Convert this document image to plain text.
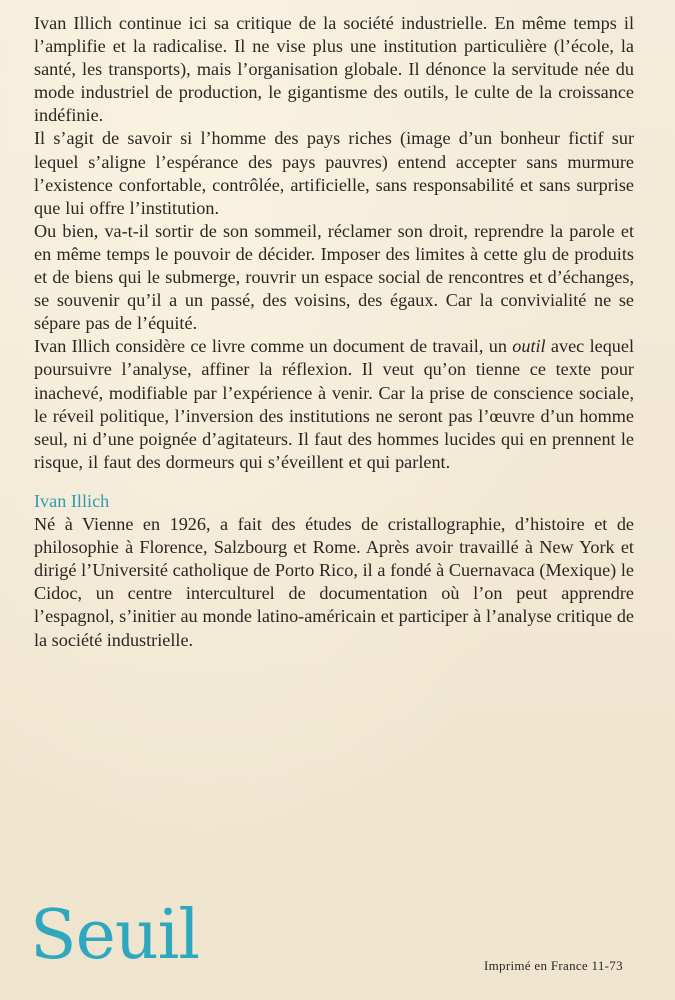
Ivan Illich continue ici sa critique de la société industrielle. En même temps il l’amplifie et la radicalise. Il ne vise plus une institution particulière (l’école, la santé, les transports), mais l’organisation globale. Il dénonce la servitude née du mode industriel de production, le gigantisme des outils, le culte de la croissance indéfinie.

Il s’agit de savoir si l’homme des pays riches (image d’un bonheur fictif sur lequel s’aligne l’espérance des pays pauvres) entend accepter sans murmure l’existence confortable, contrôlée, artificielle, sans responsabilité et sans surprise que lui offre l’institution.

Ou bien, va-t-il sortir de son sommeil, réclamer son droit, reprendre la parole et en même temps le pouvoir de décider. Imposer des limites à cette glu de produits et de biens qui le submerge, rouvrir un espace social de rencontres et d’échanges, se souvenir qu’il a un passé, des voisins, des égaux. Car la convivialité ne se sépare pas de l’équité.

Ivan Illich considère ce livre comme un document de travail, un outil avec lequel poursuivre l’analyse, affiner la réflexion. Il veut qu’on tienne ce texte pour inachevé, modifiable par l’expérience à venir. Car la prise de conscience sociale, le réveil politique, l’inversion des institutions ne seront pas l’œuvre d’un homme seul, ni d’une poignée d’agitateurs. Il faut des hommes lucides qui en prennent le risque, il faut des dormeurs qui s’éveillent et qui parlent.

Ivan Illich

Né à Vienne en 1926, a fait des études de cristallographie, d’histoire et de philosophie à Florence, Salzbourg et Rome. Après avoir travaillé à New York et dirigé l’Université catholique de Porto Rico, il a fondé à Cuernavaca (Mexique) le Cidoc, un centre interculturel de documentation où l’on peut apprendre l’espagnol, s’initier au monde latino-américain et participer à l’analyse critique de la société industrielle.

Seuil	Imprimé en France 11-73
